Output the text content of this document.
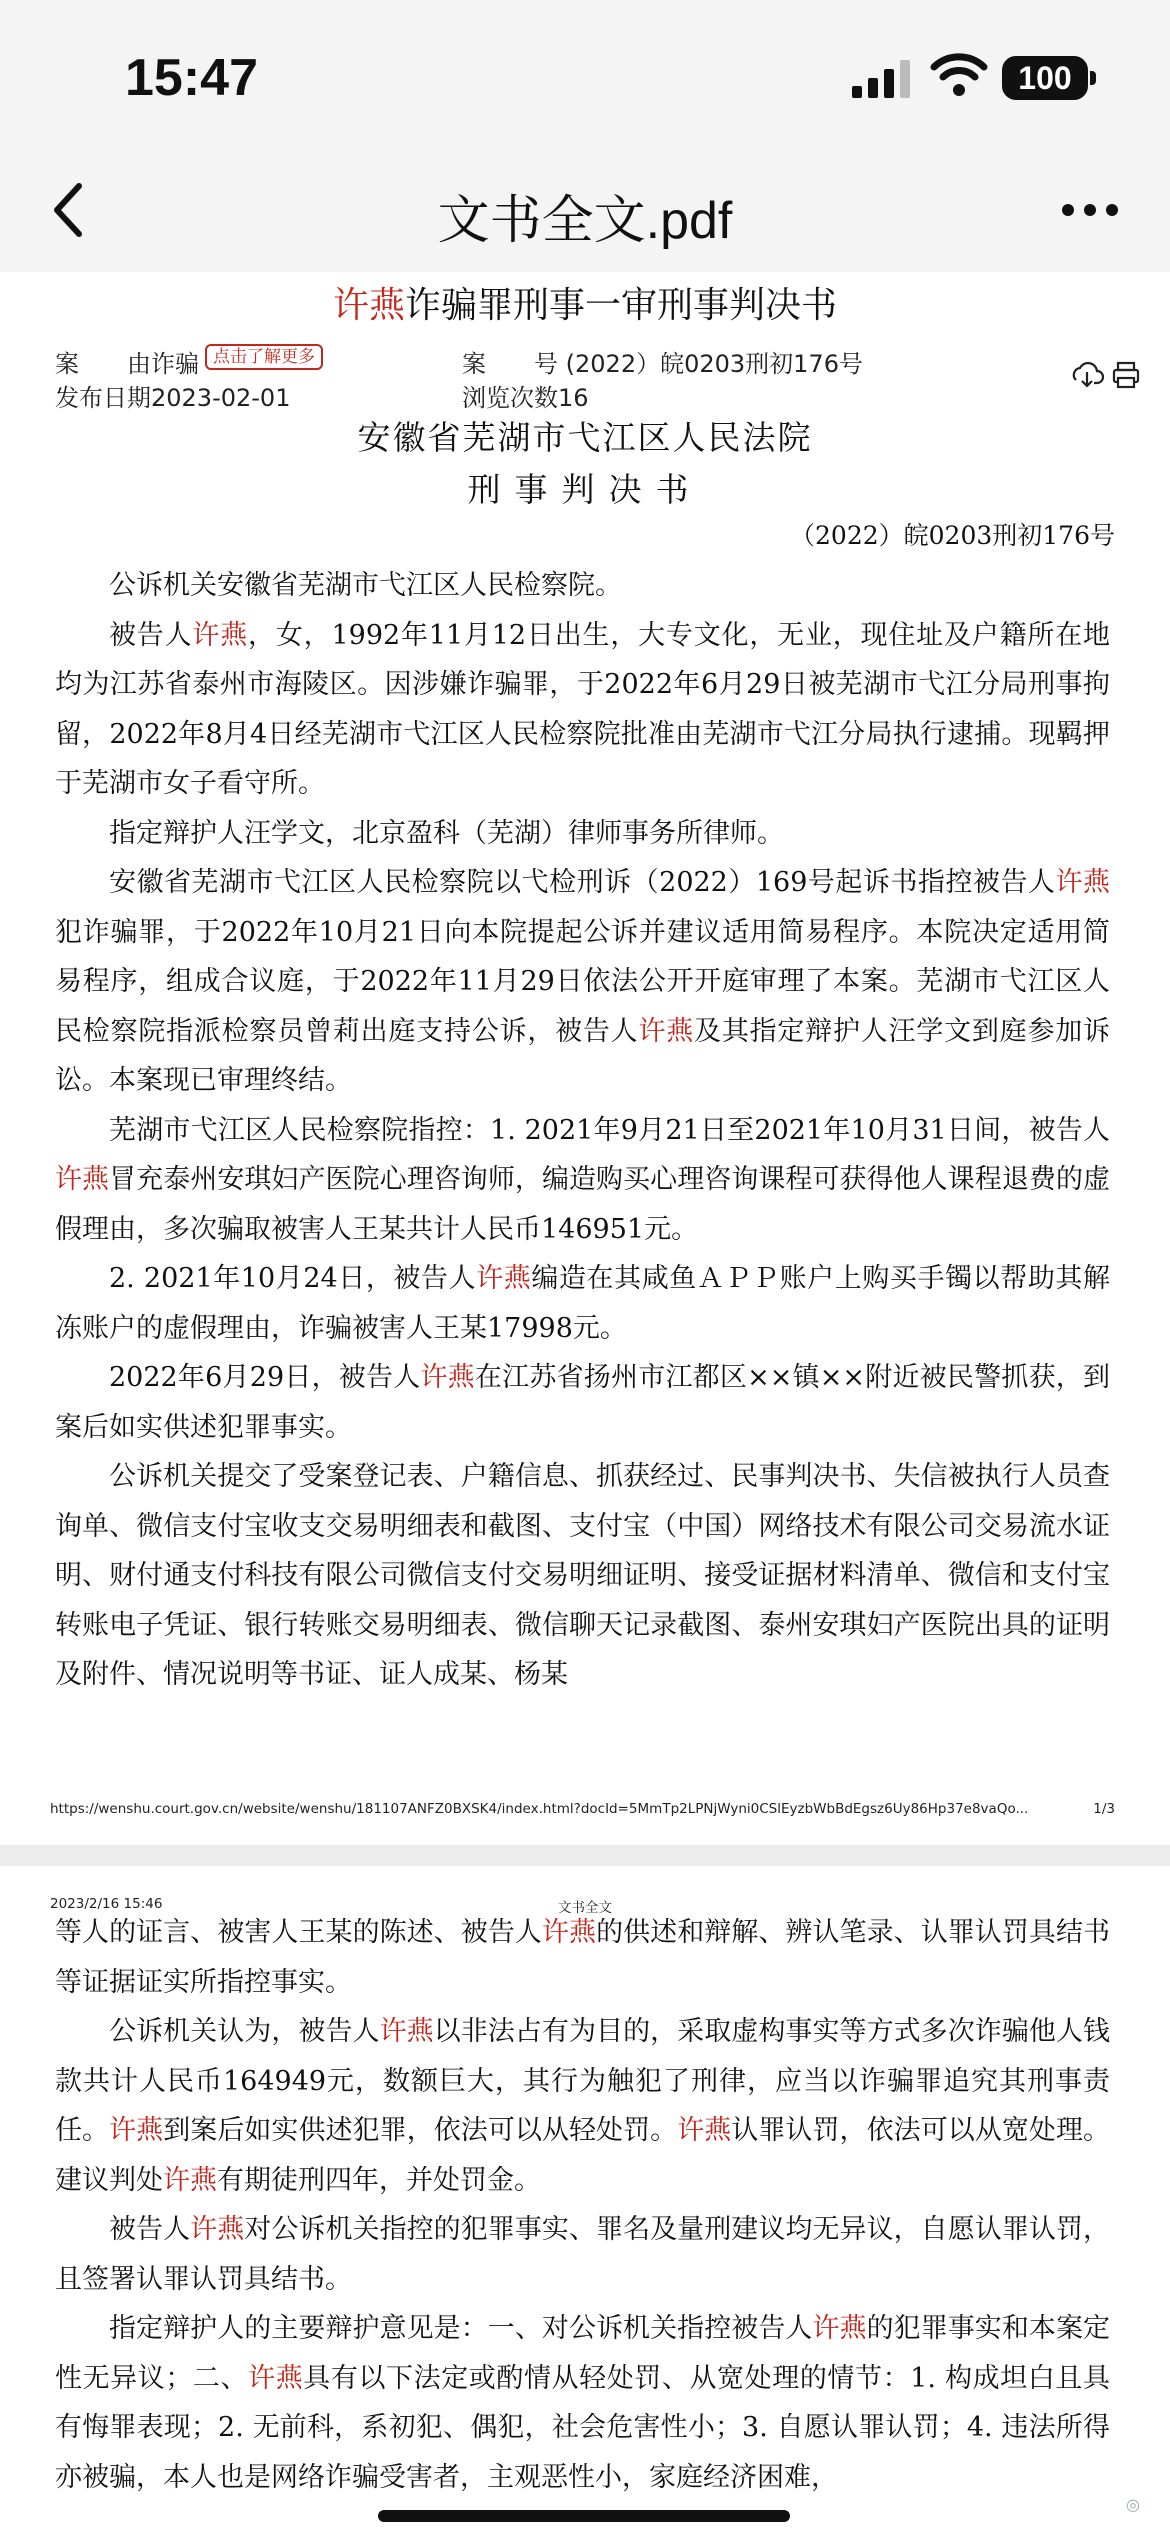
15:47	100
文书全文.pdf
许燕诈骗罪刑事一审刑事判决书
案　　由诈骗 点击了解更多	案　　号 (2022）皖0203刑初176号
发布日期2023-02-01	浏览次数16
安徽省芜湖市弋江区人民法院
刑事判决书
（2022）皖0203刑初176号

公诉机关安徽省芜湖市弋江区人民检察院。

被告人许燕，女，1992年11月12日出生，大专文化，无业，现住址及户籍所在地均为江苏省泰州市海陵区。因涉嫌诈骗罪，于2022年6月29日被芜湖市弋江分局刑事拘留，2022年8月4日经芜湖市弋江区人民检察院批准由芜湖市弋江分局执行逮捕。现羁押于芜湖市女子看守所。

指定辩护人汪学文，北京盈科（芜湖）律师事务所律师。

安徽省芜湖市弋江区人民检察院以弋检刑诉（2022）169号起诉书指控被告人许燕犯诈骗罪，于2022年10月21日向本院提起公诉并建议适用简易程序。本院决定适用简易程序，组成合议庭，于2022年11月29日依法公开开庭审理了本案。芜湖市弋江区人民检察院指派检察员曾莉出庭支持公诉，被告人许燕及其指定辩护人汪学文到庭参加诉讼。本案现已审理终结。

芜湖市弋江区人民检察院指控：1. 2021年9月21日至2021年10月31日间，被告人许燕冒充泰州安琪妇产医院心理咨询师，编造购买心理咨询课程可获得他人课程退费的虚假理由，多次骗取被害人王某共计人民币146951元。

2. 2021年10月24日，被告人许燕编造在其咸鱼ＡＰＰ账户上购买手镯以帮助其解冻账户的虚假理由，诈骗被害人王某17998元。

2022年6月29日，被告人许燕在江苏省扬州市江都区××镇××附近被民警抓获，到案后如实供述犯罪事实。

公诉机关提交了受案登记表、户籍信息、抓获经过、民事判决书、失信被执行人员查询单、微信支付宝收支交易明细表和截图、支付宝（中国）网络技术有限公司交易流水证明、财付通支付科技有限公司微信支付交易明细证明、接受证据材料清单、微信和支付宝转账电子凭证、银行转账交易明细表、微信聊天记录截图、泰州安琪妇产医院出具的证明及附件、情况说明等书证、证人成某、杨某

https://wenshu.court.gov.cn/website/wenshu/181107ANFZ0BXSK4/index.html?docId=5MmTp2LPNjWyni0CSlEyzbWbBdEgsz6Uy86Hp37e8vaQo...	1/3
2023/2/16 15:46	文书全文

等人的证言、被害人王某的陈述、被告人许燕的供述和辩解、辨认笔录、认罪认罚具结书等证据证实所指控事实。

公诉机关认为，被告人许燕以非法占有为目的，采取虚构事实等方式多次诈骗他人钱款共计人民币164949元，数额巨大，其行为触犯了刑律，应当以诈骗罪追究其刑事责任。许燕到案后如实供述犯罪，依法可以从轻处罚。许燕认罪认罚，依法可以从宽处理。建议判处许燕有期徒刑四年，并处罚金。

被告人许燕对公诉机关指控的犯罪事实、罪名及量刑建议均无异议，自愿认罪认罚，且签署认罪认罚具结书。

指定辩护人的主要辩护意见是：一、对公诉机关指控被告人许燕的犯罪事实和本案定性无异议；二、许燕具有以下法定或酌情从轻处罚、从宽处理的情节：1. 构成坦白且具有悔罪表现；2. 无前科，系初犯、偶犯，社会危害性小；3. 自愿认罪认罚；4. 违法所得亦被骗，本人也是网络诈骗受害者，主观恶性小，家庭经济困难，

◎
